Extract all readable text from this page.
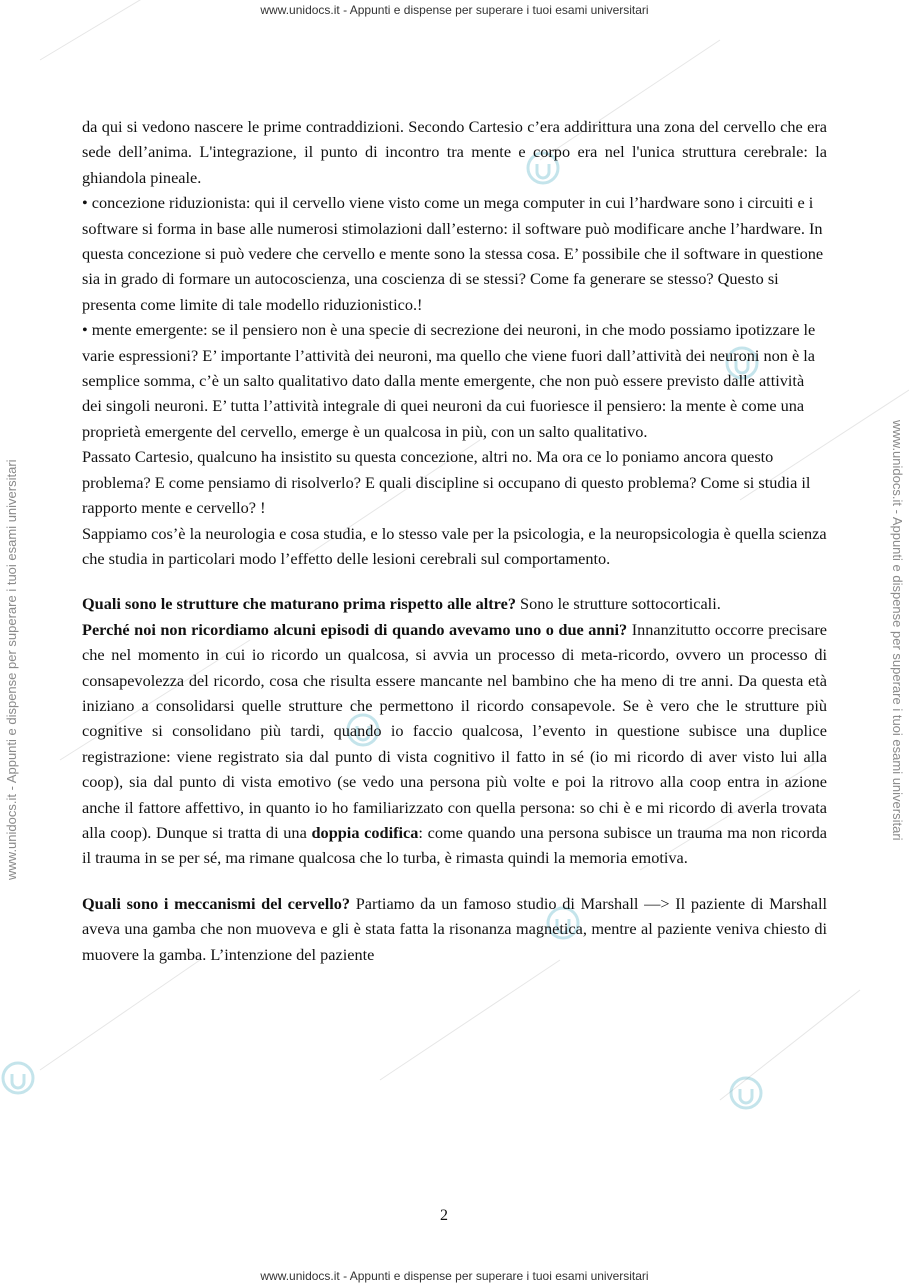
www.unidocs.it - Appunti e dispense per superare i tuoi esami universitari
www.unidocs.it - Appunti e dispense per superare i tuoi esami universitari
www.unidocs.it - Appunti e dispense per superare i tuoi esami universitari	www.unidocs.it - Appunti e dispense per superare i tuoi esami universitari

da qui si vedono nascere le prime contraddizioni. Secondo Cartesio c’era addirittura una zona del cervello che era sede dell’anima. L'integrazione, il punto di incontro tra mente e corpo era nel l'unica struttura cerebrale: la ghiandola pineale.

• concezione riduzionista: qui il cervello viene visto come un mega computer in cui l’hardware sono i circuiti e i software si forma in base alle numerosi stimolazioni dall’esterno: il software può modificare anche l’hardware. In questa concezione si può vedere che cervello e mente sono la stessa cosa. E’ possibile che il software in questione sia in grado di formare un autocoscienza, una coscienza di se stessi? Come fa generare se stesso? Questo si presenta come limite di tale modello riduzionistico.!

• mente emergente: se il pensiero non è una specie di secrezione dei neuroni, in che modo possiamo ipotizzare le varie espressioni? E’ importante l’attività dei neuroni, ma quello che viene fuori dall’attività dei neuroni non è la semplice somma, c’è un salto qualitativo dato dalla mente emergente, che non può essere previsto dalle attività dei singoli neuroni. E’ tutta l’attività integrale di quei neuroni da cui fuoriesce il pensiero: la mente è come una proprietà emergente del cervello, emerge è un qualcosa in più, con un salto qualitativo.

Passato Cartesio, qualcuno ha insistito su questa concezione, altri no. Ma ora ce lo poniamo ancora questo problema? E come pensiamo di risolverlo? E quali discipline si occupano di questo problema? Come si studia il rapporto mente e cervello? !

Sappiamo cos’è la neurologia e cosa studia, e lo stesso vale per la psicologia, e la neuropsicologia è quella scienza che studia in particolari modo l’effetto delle lesioni cerebrali sul comportamento.

Quali sono le strutture che maturano prima rispetto alle altre? Sono le strutture sottocorticali.

Perché noi non ricordiamo alcuni episodi di quando avevamo uno o due anni? Innanzitutto occorre precisare che nel momento in cui io ricordo un qualcosa, si avvia un processo di meta-ricordo, ovvero un processo di consapevolezza del ricordo, cosa che risulta essere mancante nel bambino che ha meno di tre anni. Da questa età iniziano a consolidarsi quelle strutture che permettono il ricordo consapevole. Se è vero che le strutture più cognitive si consolidano più tardi, quando io faccio qualcosa, l’evento in questione subisce una duplice registrazione: viene registrato sia dal punto di vista cognitivo il fatto in sé (io mi ricordo di aver visto lui alla coop), sia dal punto di vista emotivo (se vedo una persona più volte e poi la ritrovo alla coop entra in azione anche il fattore affettivo, in quanto io ho familiarizzato con quella persona: so chi è e mi ricordo di averla trovata alla coop). Dunque si tratta di una doppia codifica: come quando una persona subisce un trauma ma non ricorda il trauma in se per sé, ma rimane qualcosa che lo turba, è rimasta quindi la memoria emotiva.

Quali sono i meccanismi del cervello? Partiamo da un famoso studio di Marshall —> Il paziente di Marshall aveva una gamba che non muoveva e gli è stata fatta la risonanza magnetica, mentre al paziente veniva chiesto di muovere la gamba. L’intenzione del paziente

2
